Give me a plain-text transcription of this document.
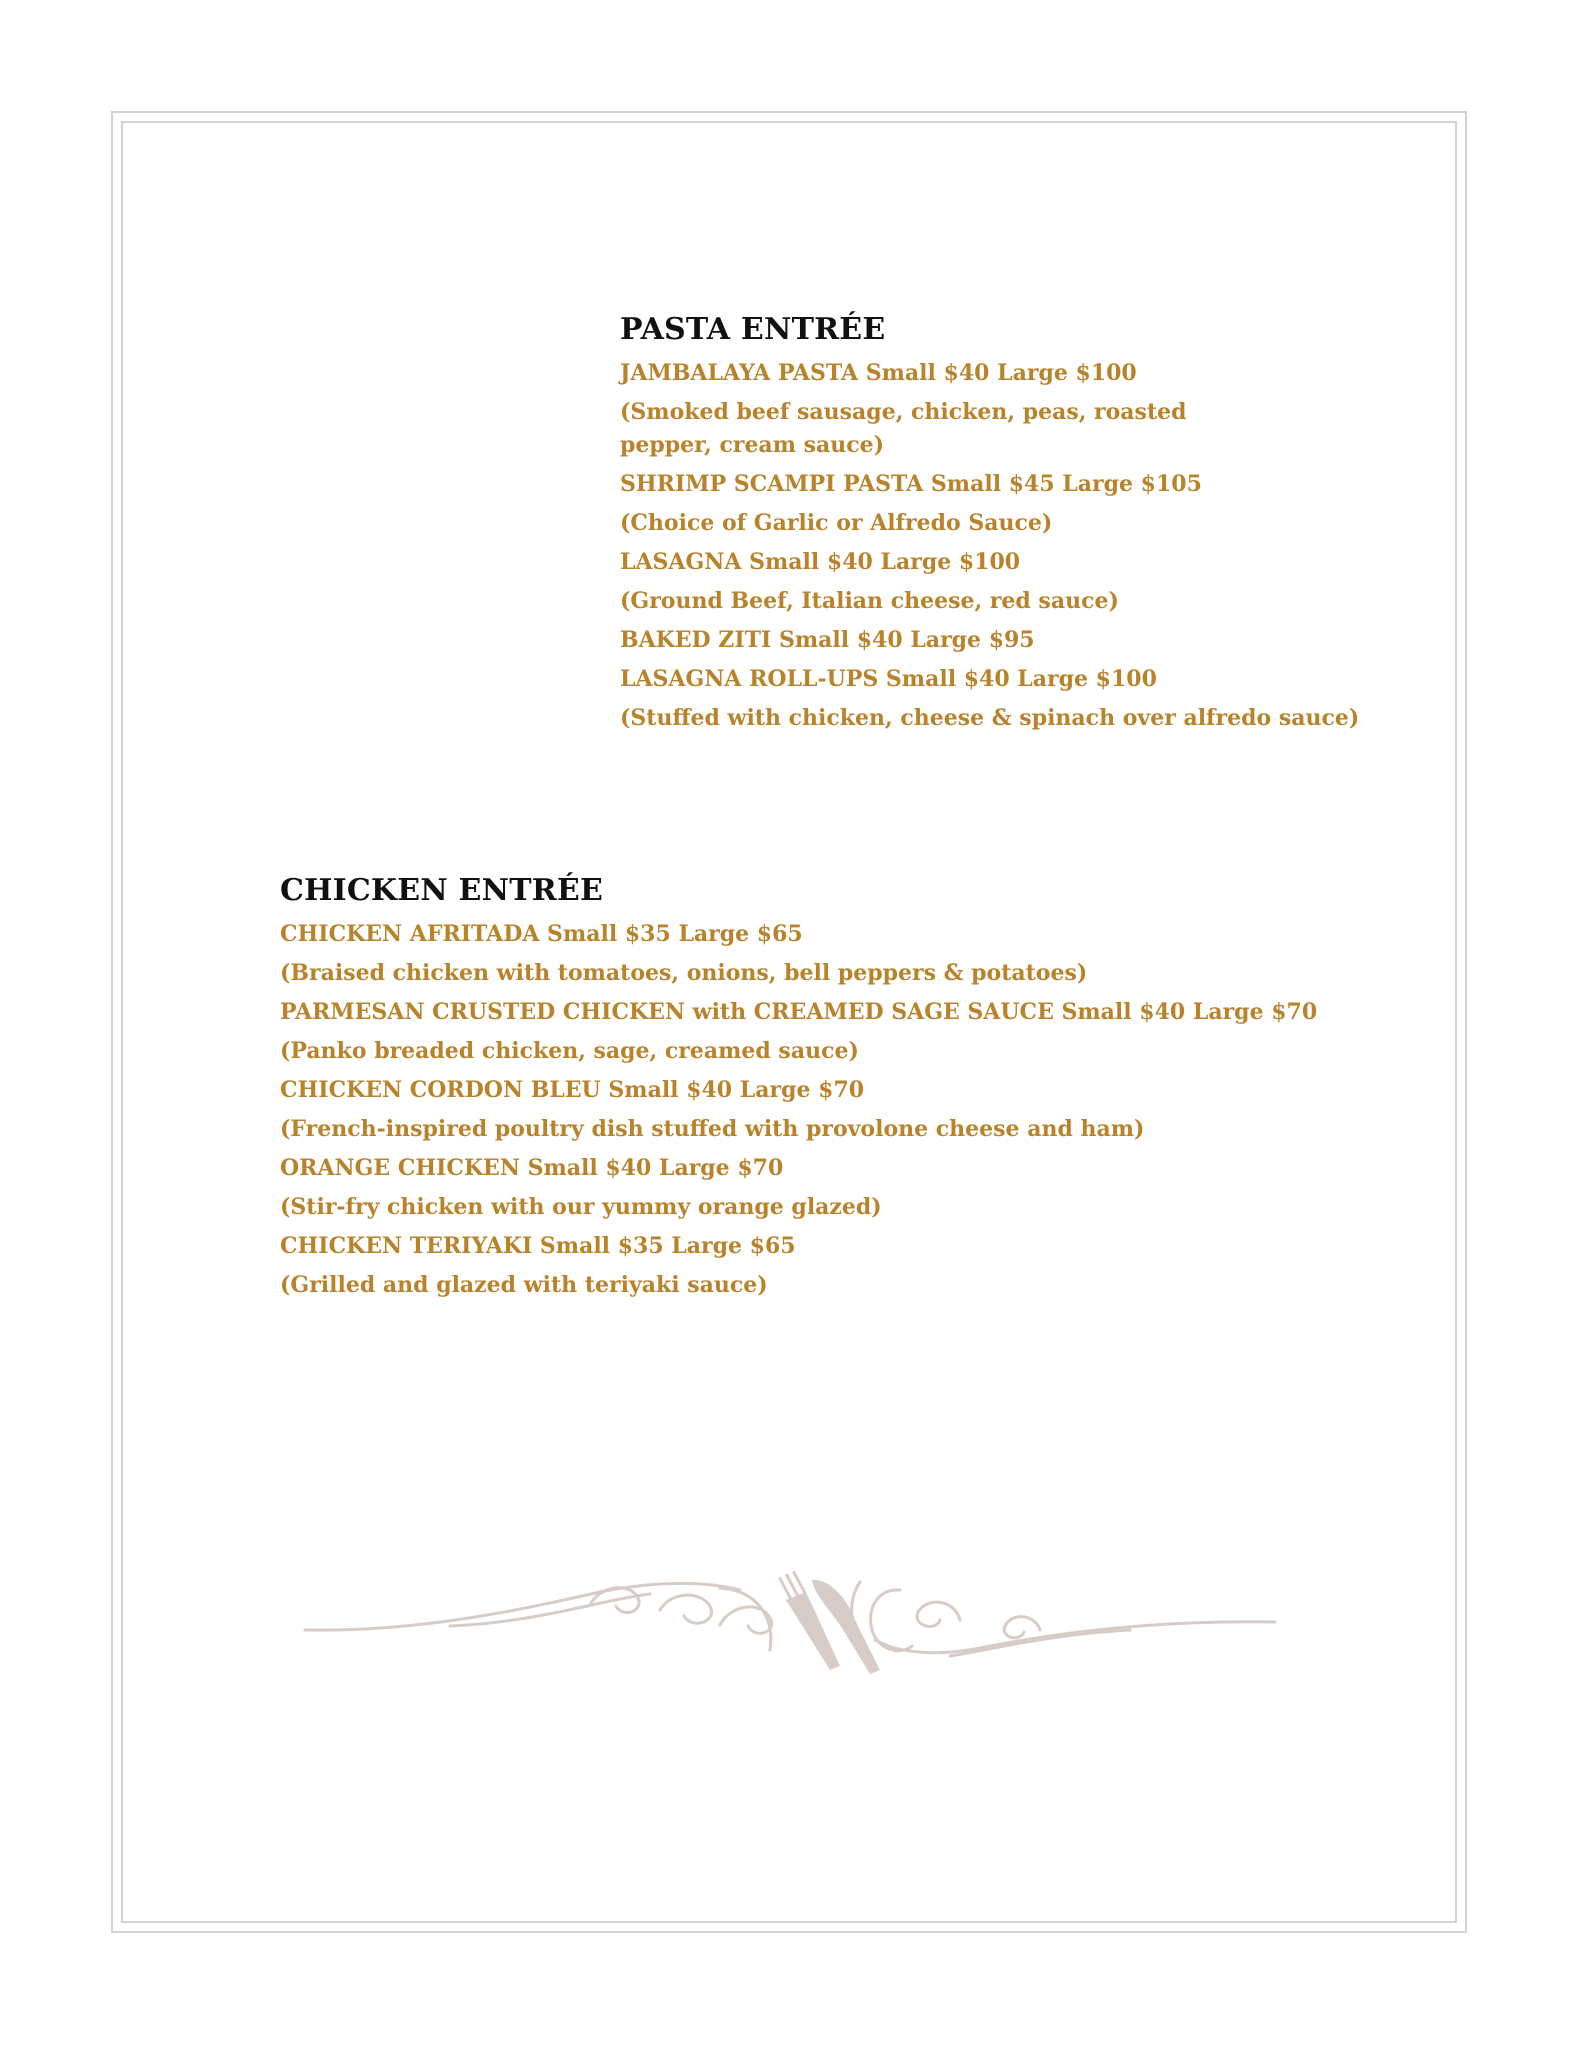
PASTA ENTRÉE
JAMBALAYA PASTA Small $40 Large $100
(Smoked beef sausage, chicken, peas, roasted pepper, cream sauce)
SHRIMP SCAMPI PASTA Small $45 Large $105
(Choice of Garlic or Alfredo Sauce)
LASAGNA Small $40 Large $100
(Ground Beef, Italian cheese, red sauce)
BAKED ZITI Small $40 Large $95
LASAGNA ROLL-UPS Small $40 Large $100
(Stuffed with chicken, cheese & spinach over alfredo sauce)
CHICKEN ENTRÉE
CHICKEN AFRITADA Small $35 Large $65
(Braised chicken with tomatoes, onions, bell peppers & potatoes)
PARMESAN CRUSTED CHICKEN with CREAMED SAGE SAUCE Small $40 Large $70
(Panko breaded chicken, sage, creamed sauce)
CHICKEN CORDON BLEU Small $40 Large $70
(French-inspired poultry dish stuffed with provolone cheese and ham)
ORANGE CHICKEN Small $40 Large $70
(Stir-fry chicken with our yummy orange glazed)
CHICKEN TERIYAKI Small $35 Large $65
(Grilled and glazed with teriyaki sauce)
